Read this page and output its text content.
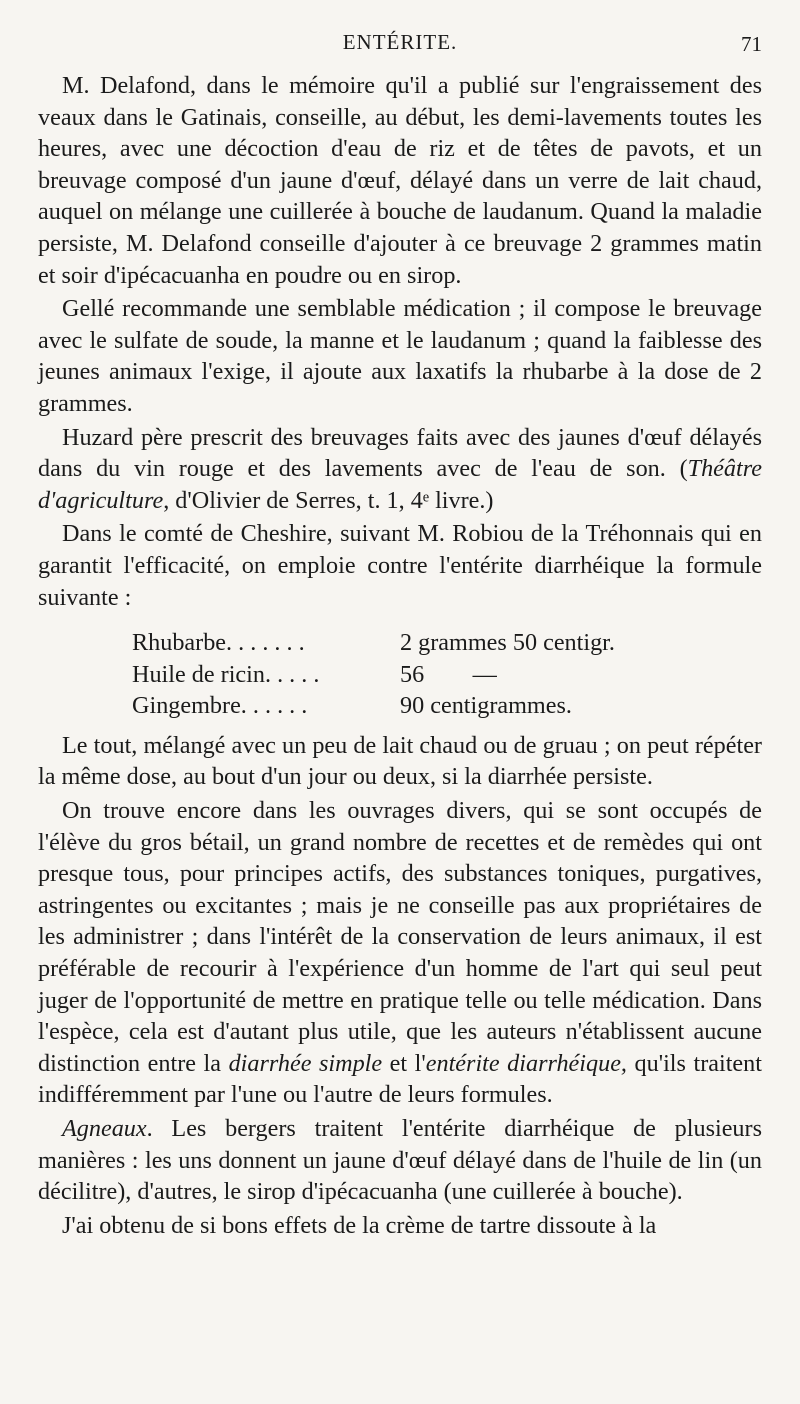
ENTÉRITE.	71

M. Delafond, dans le mémoire qu'il a publié sur l'engraissement des veaux dans le Gatinais, conseille, au début, les demi-lavements toutes les heures, avec une décoction d'eau de riz et de têtes de pavots, et un breuvage composé d'un jaune d'œuf, délayé dans un verre de lait chaud, auquel on mélange une cuillerée à bouche de laudanum. Quand la maladie persiste, M. Delafond conseille d'ajouter à ce breuvage 2 grammes matin et soir d'ipécacuanha en poudre ou en sirop.

Gellé recommande une semblable médication ; il compose le breuvage avec le sulfate de soude, la manne et le laudanum ; quand la faiblesse des jeunes animaux l'exige, il ajoute aux laxatifs la rhubarbe à la dose de 2 grammes.

Huzard père prescrit des breuvages faits avec des jaunes d'œuf délayés dans du vin rouge et des lavements avec de l'eau de son. (Théâtre d'agriculture, d'Olivier de Serres, t. 1, 4ᵉ livre.)

Dans le comté de Cheshire, suivant M. Robiou de la Tréhonnais qui en garantit l'efficacité, on emploie contre l'entérite diarrhéique la formule suivante :

Rhubarbe. . . . . . .	2 grammes 50 centigr.
Huile de ricin. . . . .	56        —
Gingembre. . . . . .	90 centigrammes.

Le tout, mélangé avec un peu de lait chaud ou de gruau ; on peut répéter la même dose, au bout d'un jour ou deux, si la diarrhée persiste.

On trouve encore dans les ouvrages divers, qui se sont occupés de l'élève du gros bétail, un grand nombre de recettes et de remèdes qui ont presque tous, pour principes actifs, des substances toniques, purgatives, astringentes ou excitantes ; mais je ne conseille pas aux propriétaires de les administrer ; dans l'intérêt de la conservation de leurs animaux, il est préférable de recourir à l'expérience d'un homme de l'art qui seul peut juger de l'opportunité de mettre en pratique telle ou telle médication. Dans l'espèce, cela est d'autant plus utile, que les auteurs n'établissent aucune distinction entre la diarrhée simple et l'entérite diarrhéique, qu'ils traitent indifféremment par l'une ou l'autre de leurs formules.

Agneaux. Les bergers traitent l'entérite diarrhéique de plusieurs manières : les uns donnent un jaune d'œuf délayé dans de l'huile de lin (un décilitre), d'autres, le sirop d'ipécacuanha (une cuillerée à bouche).

J'ai obtenu de si bons effets de la crème de tartre dissoute à la
